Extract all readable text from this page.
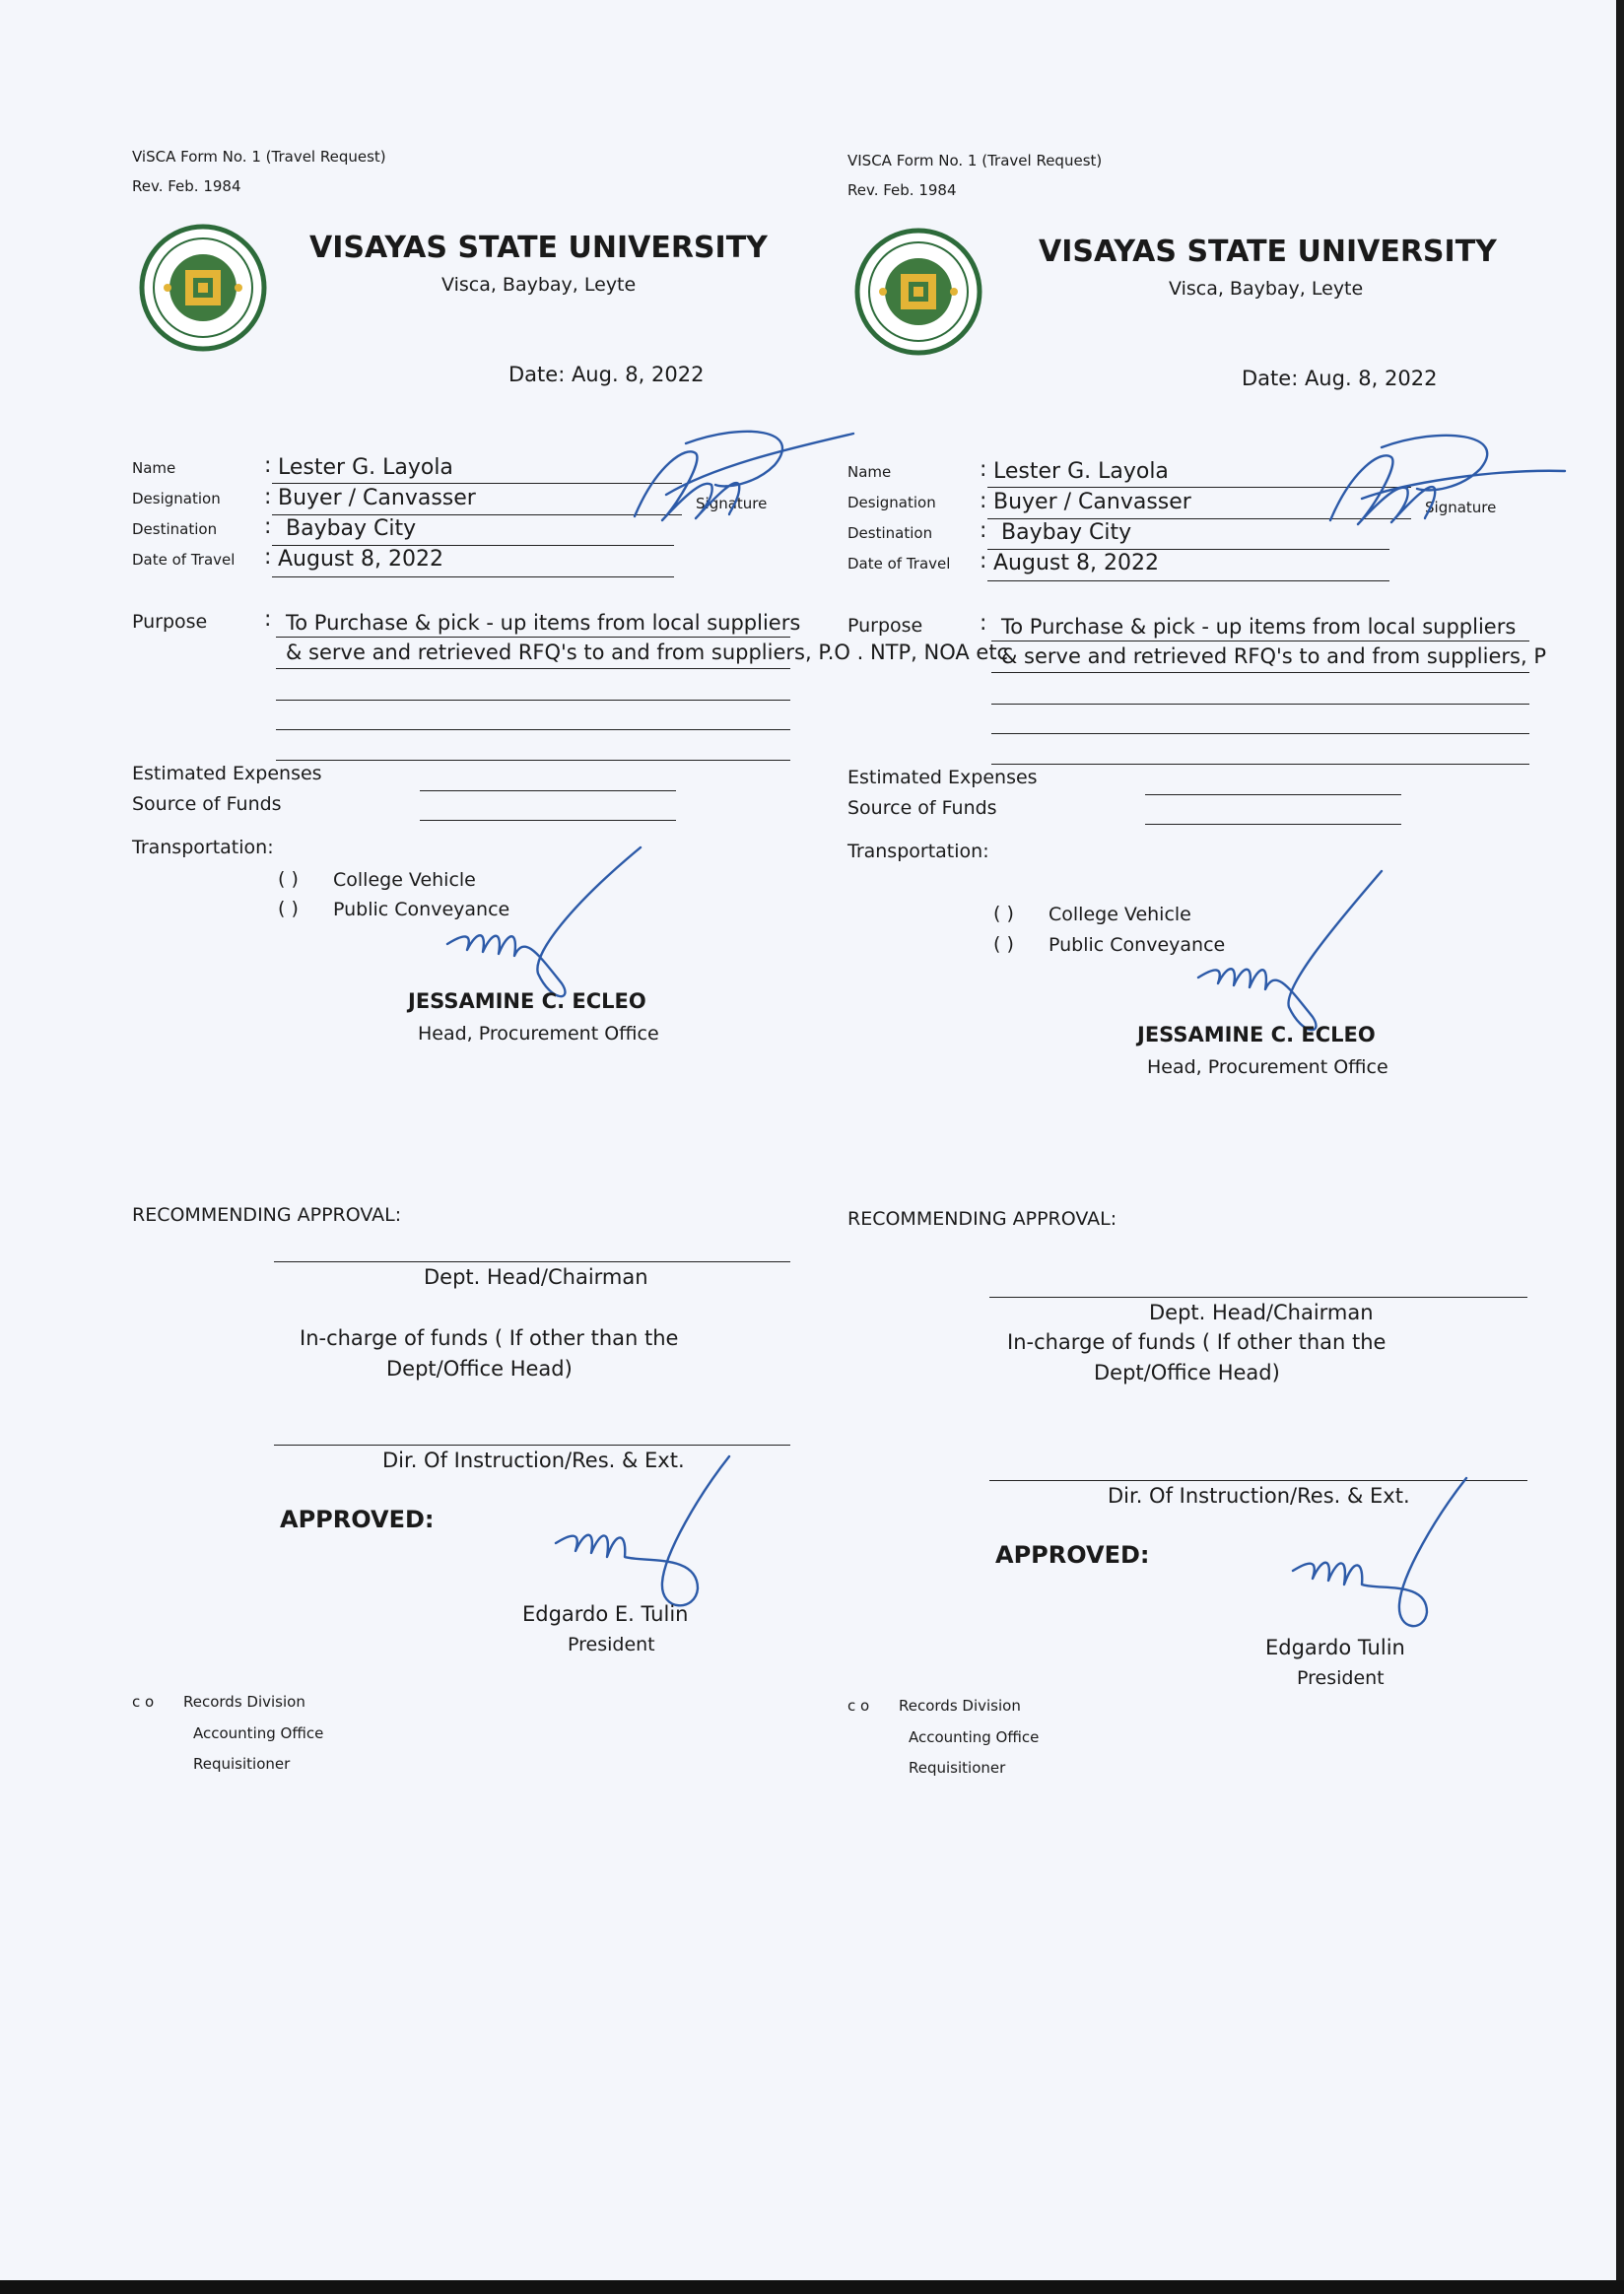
ViSCA Form No. 1 (Travel Request)
Rev. Feb. 1984
VISAYAS STATE UNIVERSITY
Visca, Baybay, Leyte
Date: Aug. 8, 2022
Name	: Lester G. Layola
Designation : Buyer / Canvasser	Signature
Destination : Baybay City
Date of Travel : August 8, 2022
Purpose	: To Purchase & pick - up items from local suppliers
& serve and retrieved RFQ's to and from suppliers, P.O . NTP, NOA etc
Estimated Expenses
Source of Funds
Transportation:
( ) College Vehicle
( ) Public Conveyance
JESSAMINE C. ECLEO
Head, Procurement Office
RECOMMENDING APPROVAL:
Dept. Head/Chairman
In-charge of funds ( If other than the
Dept/Office Head)
Dir. Of Instruction/Res. & Ext.
APPROVED:
Edgardo E. Tulin
President
c o Records Division
Accounting Office
Requisitioner
VISCA Form No. 1 (Travel Request)
Rev. Feb. 1984
VISAYAS STATE UNIVERSITY
Visca, Baybay, Leyte
Date: Aug. 8, 2022
Name	: Lester G. Layola
Designation : Buyer / Canvasser	Signature
Destination : Baybay City
Date of Travel : August 8, 2022
Purpose	: To Purchase & pick - up items from local suppliers
& serve and retrieved RFQ's to and from suppliers, P
Estimated Expenses
Source of Funds
Transportation:
( ) College Vehicle
( ) Public Conveyance
JESSAMINE C. ECLEO
Head, Procurement Office
RECOMMENDING APPROVAL:
Dept. Head/Chairman
In-charge of funds ( If other than the
Dept/Office Head)
Dir. Of Instruction/Res. & Ext.
APPROVED:
Edgardo Tulin
President
c o Records Division
Accounting Office
Requisitioner
